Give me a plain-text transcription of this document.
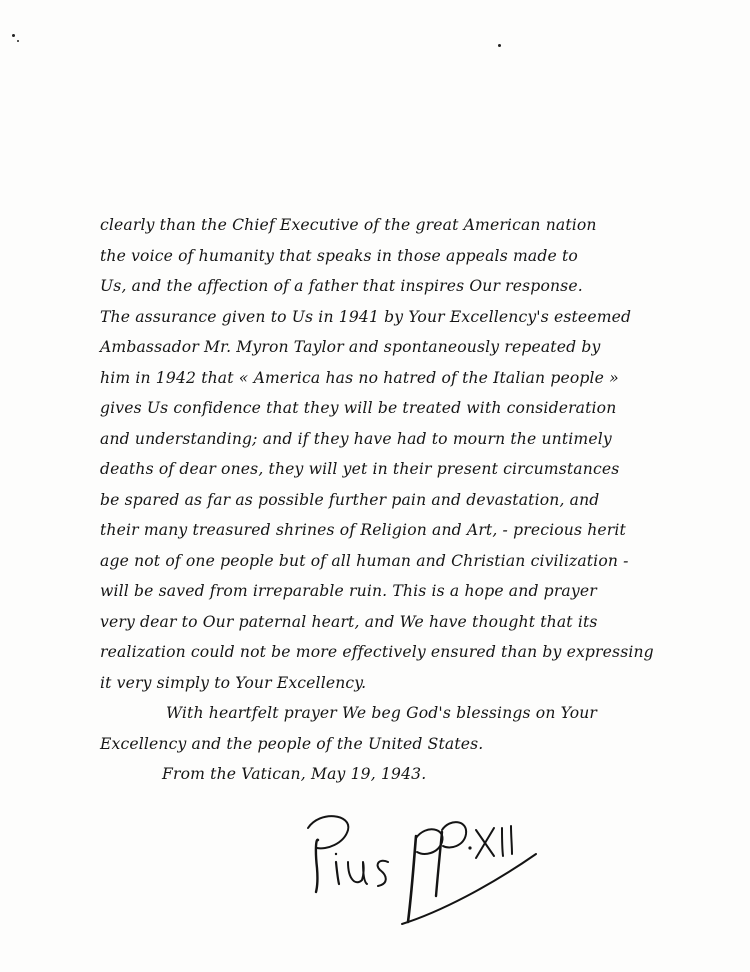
clearly than the Chief Executive of the great American nation
the voice of humanity that speaks in those appeals made to
Us, and the affection of a father that inspires Our response.
The assurance given to Us in 1941 by Your Excellency's esteemed
Ambassador Mr. Myron Taylor and spontaneously repeated by
him in 1942 that « America has no hatred of the Italian people »
gives Us confidence that they will be treated with consideration
and understanding; and if they have had to mourn the untimely
deaths of dear ones, they will yet in their present circumstances
be spared as far as possible further pain and devastation, and
their many treasured shrines of Religion and Art, - precious herit
age not of one people but of all human and Christian civilization -
will be saved from irreparable ruin. This is a hope and prayer
very dear to Our paternal heart, and We have thought that its
realization could not be more effectively ensured than by expressing
it very simply to Your Excellency.
With heartfelt prayer We beg God's blessings on Your
Excellency and the people of the United States.
From the Vatican, May 19, 1943.
